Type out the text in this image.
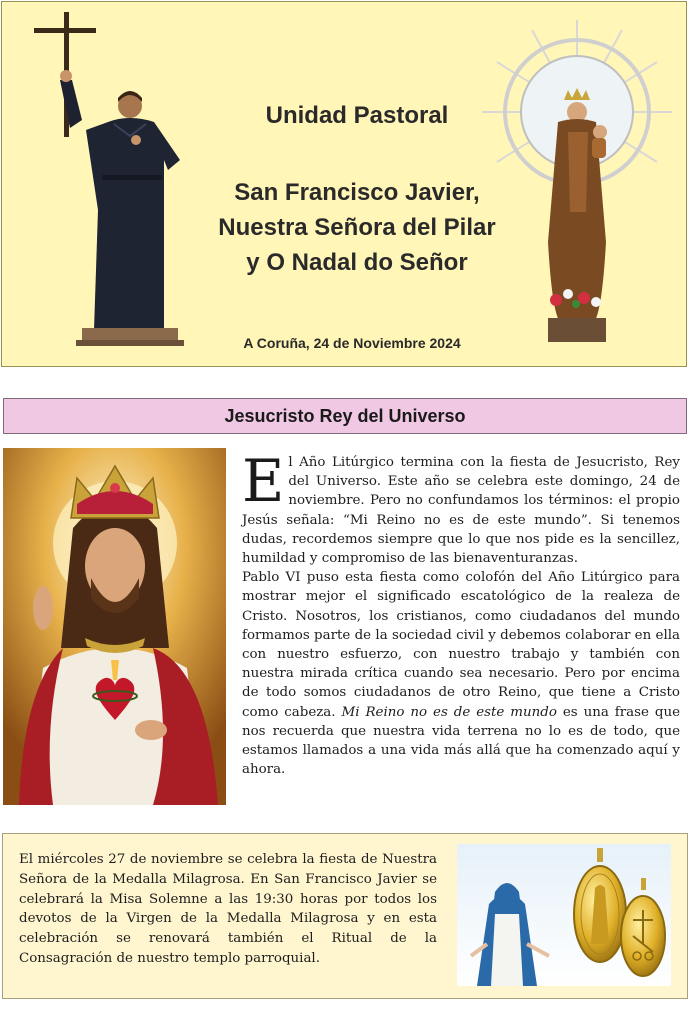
Unidad Pastoral
San Francisco Javier,
Nuestra Señora del Pilar
y O Nadal do Señor
A Coruña, 24 de Noviembre 2024
Jesucristo Rey del Universo

El Año Litúrgico termina con la fiesta de Jesucristo, Rey del Universo. Este año se celebra este domingo, 24 de noviembre. Pero no confundamos los términos: el propio Jesús señala: “Mi Reino no es de este mundo”. Si tenemos dudas, recordemos siempre que lo que nos pide es la sencillez, humildad y compromiso de las bienaventuranzas.

Pablo VI puso esta fiesta como colofón del Año Litúrgico para mostrar mejor el significado escatológico de la realeza de Cristo. Nosotros, los cristianos, como ciudadanos del mundo formamos parte de la sociedad civil y debemos colaborar en ella con nuestro esfuerzo, con nuestro trabajo y también con nuestra mirada crítica cuando sea necesario. Pero por encima de todo somos ciudadanos de otro Reino, que tiene a Cristo como cabeza. Mi Reino no es de este mundo es una frase que nos recuerda que nuestra vida terrena no lo es de todo, que estamos llamados a una vida más allá que ha comenzado aquí y ahora.

El miércoles 27 de noviembre se celebra la fiesta de Nuestra Señora de la Medalla Milagrosa. En San Francisco Javier se celebrará la Misa Solemne a las 19:30 horas por todos los devotos de la Virgen de la Medalla Milagrosa y en esta celebración se renovará también el Ritual de la Consagración de nuestro templo parroquial.
